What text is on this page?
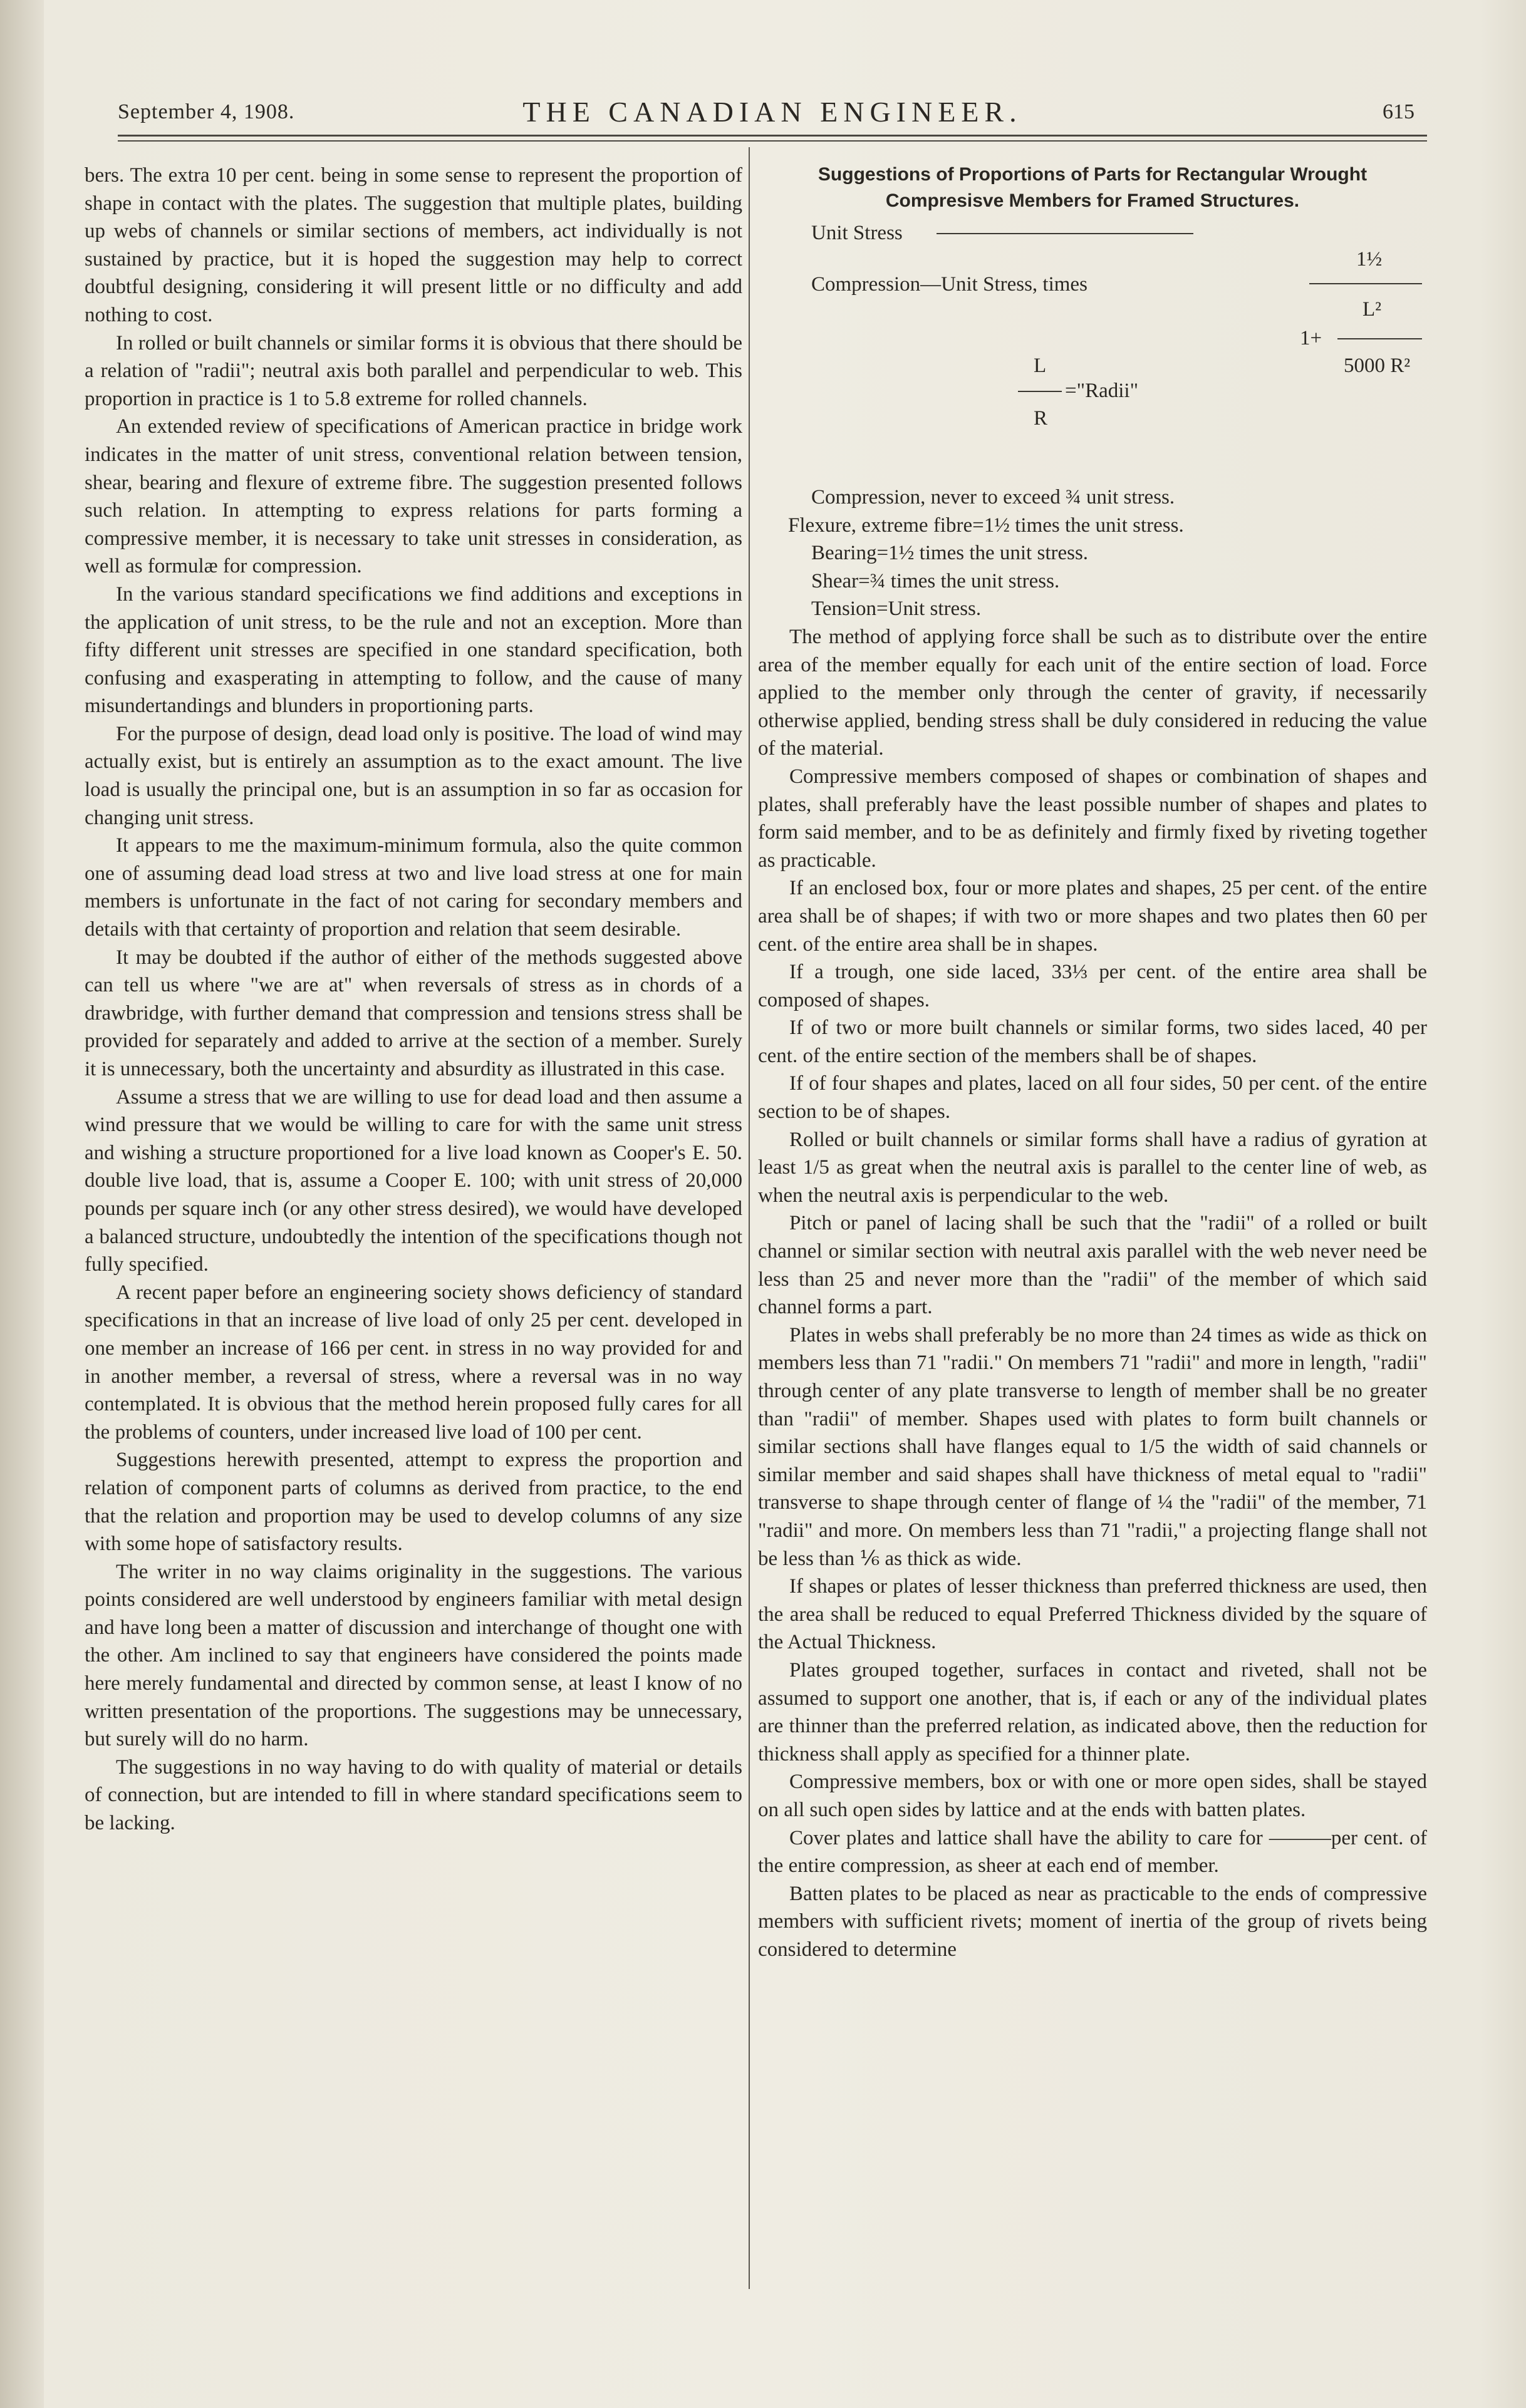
September 4, 1908.	THE CANADIAN ENGINEER.	615

bers. The extra 10 per cent. being in some sense to represent the proportion of shape in contact with the plates. The suggestion that multiple plates, building up webs of channels or similar sections of members, act individually is not sustained by practice, but it is hoped the suggestion may help to correct doubtful designing, considering it will present little or no difficulty and add nothing to cost.

In rolled or built channels or similar forms it is obvious that there should be a relation of "radii"; neutral axis both parallel and perpendicular to web. This proportion in practice is 1 to 5.8 extreme for rolled channels.

An extended review of specifications of American practice in bridge work indicates in the matter of unit stress, conventional relation between tension, shear, bearing and flexure of extreme fibre. The suggestion presented follows such relation. In attempting to express relations for parts forming a compressive member, it is necessary to take unit stresses in consideration, as well as formulæ for compression.

In the various standard specifications we find additions and exceptions in the application of unit stress, to be the rule and not an exception. More than fifty different unit stresses are specified in one standard specification, both confusing and exasperating in attempting to follow, and the cause of many misundertandings and blunders in proportioning parts.

For the purpose of design, dead load only is positive. The load of wind may actually exist, but is entirely an assumption as to the exact amount. The live load is usually the principal one, but is an assumption in so far as occasion for changing unit stress.

It appears to me the maximum-minimum formula, also the quite common one of assuming dead load stress at two and live load stress at one for main members is unfortunate in the fact of not caring for secondary members and details with that certainty of proportion and relation that seem desirable.

It may be doubted if the author of either of the methods suggested above can tell us where "we are at" when reversals of stress as in chords of a drawbridge, with further demand that compression and tensions stress shall be provided for separately and added to arrive at the section of a member. Surely it is unnecessary, both the uncertainty and absurdity as illustrated in this case.

Assume a stress that we are willing to use for dead load and then assume a wind pressure that we would be willing to care for with the same unit stress and wishing a structure proportioned for a live load known as Cooper's E. 50. double live load, that is, assume a Cooper E. 100; with unit stress of 20,000 pounds per square inch (or any other stress desired), we would have developed a balanced structure, undoubtedly the intention of the specifications though not fully specified.

A recent paper before an engineering society shows deficiency of standard specifications in that an increase of live load of only 25 per cent. developed in one member an increase of 166 per cent. in stress in no way provided for and in another member, a reversal of stress, where a reversal was in no way contemplated. It is obvious that the method herein proposed fully cares for all the problems of counters, under increased live load of 100 per cent.

Suggestions herewith presented, attempt to express the proportion and relation of component parts of columns as derived from practice, to the end that the relation and proportion may be used to develop columns of any size with some hope of satisfactory results.

The writer in no way claims originality in the suggestions. The various points considered are well understood by engineers familiar with metal design and have long been a matter of discussion and interchange of thought one with the other. Am inclined to say that engineers have considered the points made here merely fundamental and directed by common sense, at least I know of no written presentation of the proportions. The suggestions may be unnecessary, but surely will do no harm.

The suggestions in no way having to do with quality of material or details of connection, but are intended to fill in where standard specifications seem to be lacking.

Suggestions of Proportions of Parts for Rectangular Wrought Compresisve Members for Framed Structures.
Unit Stress
1½
Compression—Unit Stress, times
L²
1+
5000 R²
L
="Radii"
R

Compression, never to exceed ¾ unit stress.

Flexure, extreme fibre=1½ times the unit stress.

Bearing=1½ times the unit stress.

Shear=¾ times the unit stress.

Tension=Unit stress.

The method of applying force shall be such as to distribute over the entire area of the member equally for each unit of the entire section of load. Force applied to the member only through the center of gravity, if necessarily otherwise applied, bending stress shall be duly considered in reducing the value of the material.

Compressive members composed of shapes or combination of shapes and plates, shall preferably have the least possible number of shapes and plates to form said member, and to be as definitely and firmly fixed by riveting together as practicable.

If an enclosed box, four or more plates and shapes, 25 per cent. of the entire area shall be of shapes; if with two or more shapes and two plates then 60 per cent. of the entire area shall be in shapes.

If a trough, one side laced, 33⅓ per cent. of the entire area shall be composed of shapes.

If of two or more built channels or similar forms, two sides laced, 40 per cent. of the entire section of the members shall be of shapes.

If of four shapes and plates, laced on all four sides, 50 per cent. of the entire section to be of shapes.

Rolled or built channels or similar forms shall have a radius of gyration at least 1/5 as great when the neutral axis is parallel to the center line of web, as when the neutral axis is perpendicular to the web.

Pitch or panel of lacing shall be such that the "radii" of a rolled or built channel or similar section with neutral axis parallel with the web never need be less than 25 and never more than the "radii" of the member of which said channel forms a part.

Plates in webs shall preferably be no more than 24 times as wide as thick on members less than 71 "radii." On members 71 "radii" and more in length, "radii" through center of any plate transverse to length of member shall be no greater than "radii" of member. Shapes used with plates to form built channels or similar sections shall have flanges equal to 1/5 the width of said channels or similar member and said shapes shall have thickness of metal equal to "radii" transverse to shape through center of flange of ¼ the "radii" of the member, 71 "radii" and more. On members less than 71 "radii," a projecting flange shall not be less than ⅙ as thick as wide.

If shapes or plates of lesser thickness than preferred thickness are used, then the area shall be reduced to equal Preferred Thickness divided by the square of the Actual Thickness.

Plates grouped together, surfaces in contact and riveted, shall not be assumed to support one another, that is, if each or any of the individual plates are thinner than the preferred relation, as indicated above, then the reduction for thickness shall apply as specified for a thinner plate.

Compressive members, box or with one or more open sides, shall be stayed on all such open sides by lattice and at the ends with batten plates.

Cover plates and lattice shall have the ability to care for ———per cent. of the entire compression, as sheer at each end of member.

Batten plates to be placed as near as practicable to the ends of compressive members with sufficient rivets; moment of inertia of the group of rivets being considered to determine
